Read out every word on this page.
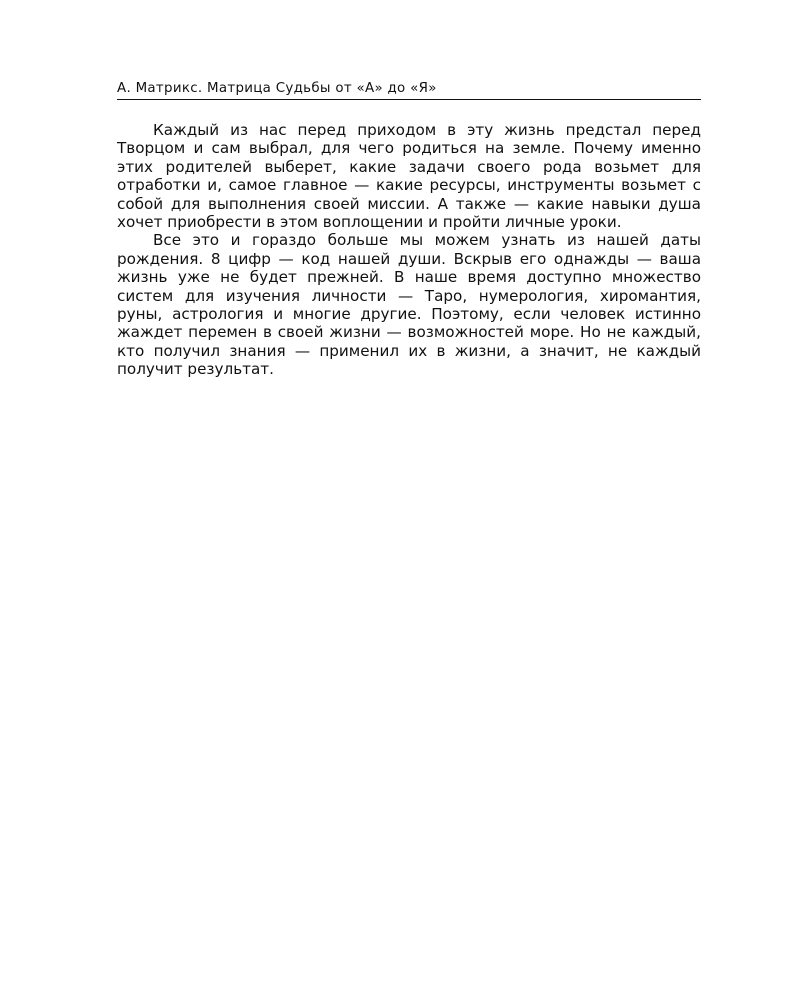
А. Матрикс. Матрица Судьбы от «А» до «Я»

Каждый из нас перед приходом в эту жизнь предстал перед Творцом и сам выбрал, для чего родиться на земле. Почему именно этих родителей выберет, какие задачи своего рода возьмет для отработки и, самое главное — какие ресурсы, инструменты возьмет с собой для выполнения своей миссии. А также — какие навыки душа хочет приобрести в этом воплощении и пройти личные уроки.

Все это и гораздо больше мы можем узнать из нашей даты рождения. 8 цифр — код нашей души. Вскрыв его однажды — ваша жизнь уже не будет прежней. В наше время доступно множество систем для изучения личности — Таро, нумерология, хиромантия, руны, астрология и многие другие. Поэтому, если человек истинно жаждет перемен в своей жизни — возможностей море. Но не каждый, кто получил знания — применил их в жизни, а значит, не каждый получит результат.
